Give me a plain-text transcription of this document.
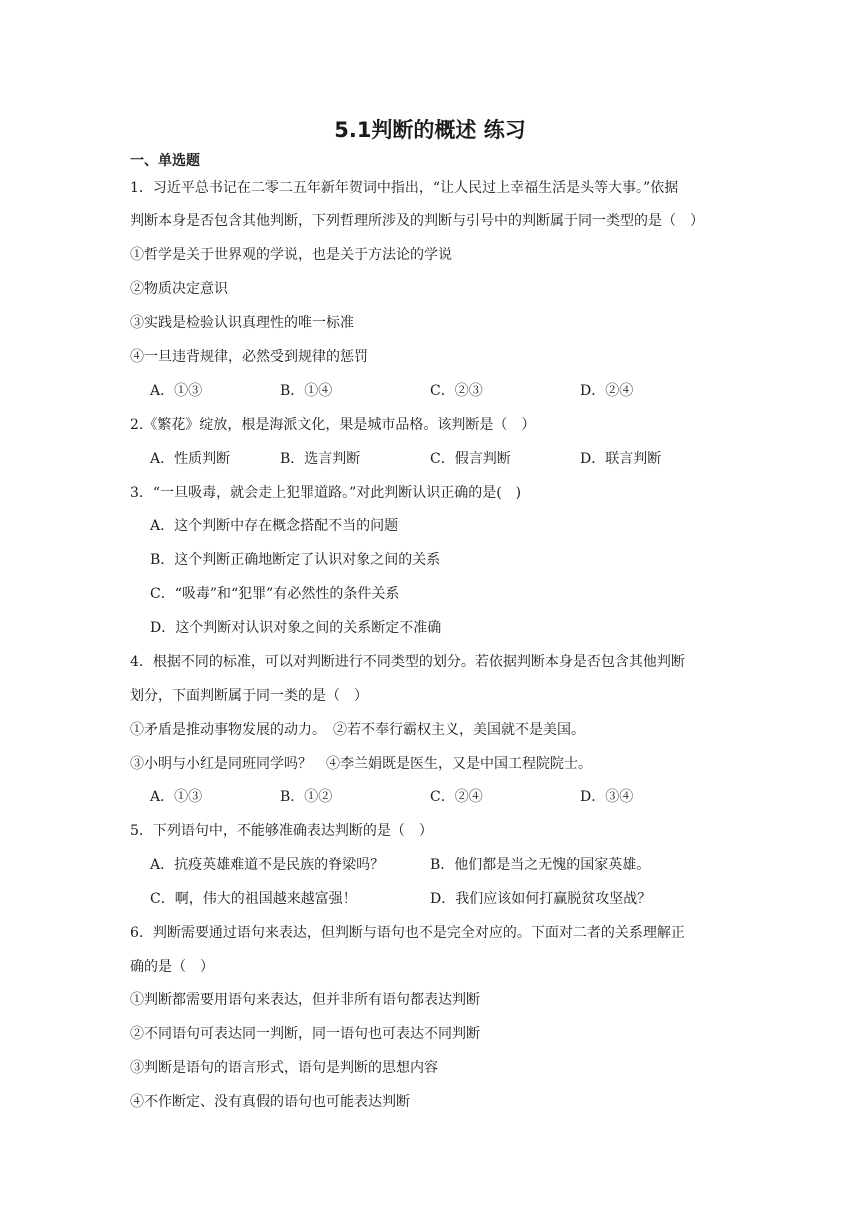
5.1判断的概述 练习
一、单选题
1．习近平总书记在二零二五年新年贺词中指出，“让人民过上幸福生活是头等大事。”依据
判断本身是否包含其他判断，下列哲理所涉及的判断与引号中的判断属于同一类型的是（　）
①哲学是关于世界观的学说，也是关于方法论的学说
②物质决定意识
③实践是检验认识真理性的唯一标准
④一旦违背规律，必然受到规律的惩罚
A．①③	B．①④	C．②③	D．②④
2.《繁花》绽放，根是海派文化，果是城市品格。该判断是（　）
A．性质判断	B．选言判断	C．假言判断	D．联言判断
3．“一旦吸毒，就会走上犯罪道路。”对此判断认识正确的是(　)
A．这个判断中存在概念搭配不当的问题
B．这个判断正确地断定了认识对象之间的关系
C．“吸毒”和“犯罪”有必然性的条件关系
D．这个判断对认识对象之间的关系断定不准确
4．根据不同的标准，可以对判断进行不同类型的划分。若依据判断本身是否包含其他判断
划分，下面判断属于同一类的是（　）
①矛盾是推动事物发展的动力。　②若不奉行霸权主义，美国就不是美国。
③小明与小红是同班同学吗？　④李兰娟既是医生，又是中国工程院院士。
A．①③	B．①②	C．②④	D．③④
5．下列语句中，不能够准确表达判断的是（　）
A．抗疫英雄难道不是民族的脊梁吗？	B．他们都是当之无愧的国家英雄。
C．啊，伟大的祖国越来越富强！	D．我们应该如何打赢脱贫攻坚战？
6．判断需要通过语句来表达，但判断与语句也不是完全对应的。下面对二者的关系理解正
确的是（　）
①判断都需要用语句来表达，但并非所有语句都表达判断
②不同语句可表达同一判断，同一语句也可表达不同判断
③判断是语句的语言形式，语句是判断的思想内容
④不作断定、没有真假的语句也可能表达判断
